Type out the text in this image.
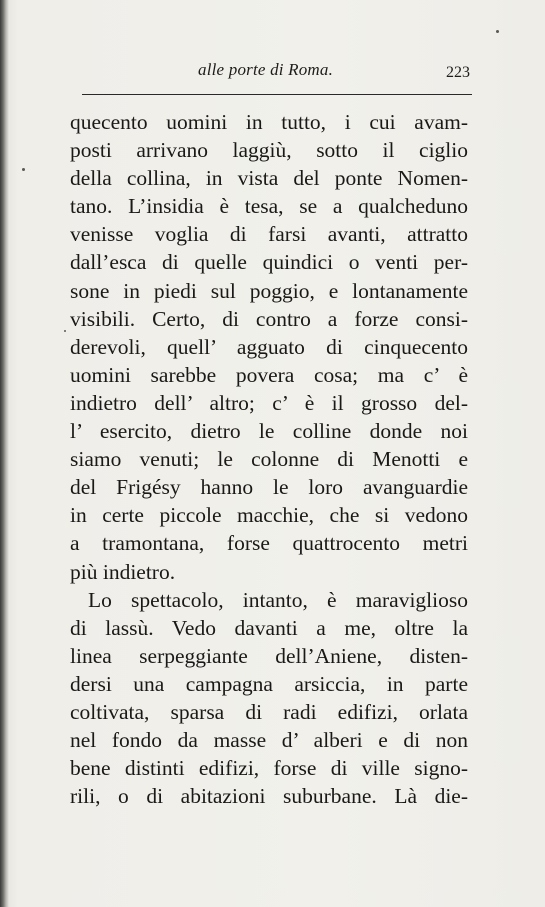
alle porte di Roma.	223
quecento uomini in tutto, i cui avam-
posti arrivano laggiù, sotto il ciglio
della collina, in vista del ponte Nomen-
tano. L’insidia è tesa, se a qualcheduno
venisse voglia di farsi avanti, attratto
dall’esca di quelle quindici o venti per-
sone in piedi sul poggio, e lontanamente
visibili. Certo, di contro a forze consi-
derevoli, quell’ agguato di cinquecento
uomini sarebbe povera cosa; ma c’ è
indietro dell’ altro; c’ è il grosso del-
l’ esercito, dietro le colline donde noi
siamo venuti; le colonne di Menotti e
del Frigésy hanno le loro avanguardie
in certe piccole macchie, che si vedono
a tramontana, forse quattrocento metri
più indietro.
Lo spettacolo, intanto, è maraviglioso
di lassù. Vedo davanti a me, oltre la
linea serpeggiante dell’Aniene, disten-
dersi una campagna arsiccia, in parte
coltivata, sparsa di radi edifizi, orlata
nel fondo da masse d’ alberi e di non
bene distinti edifizi, forse di ville signo-
rili, o di abitazioni suburbane. Là die-
